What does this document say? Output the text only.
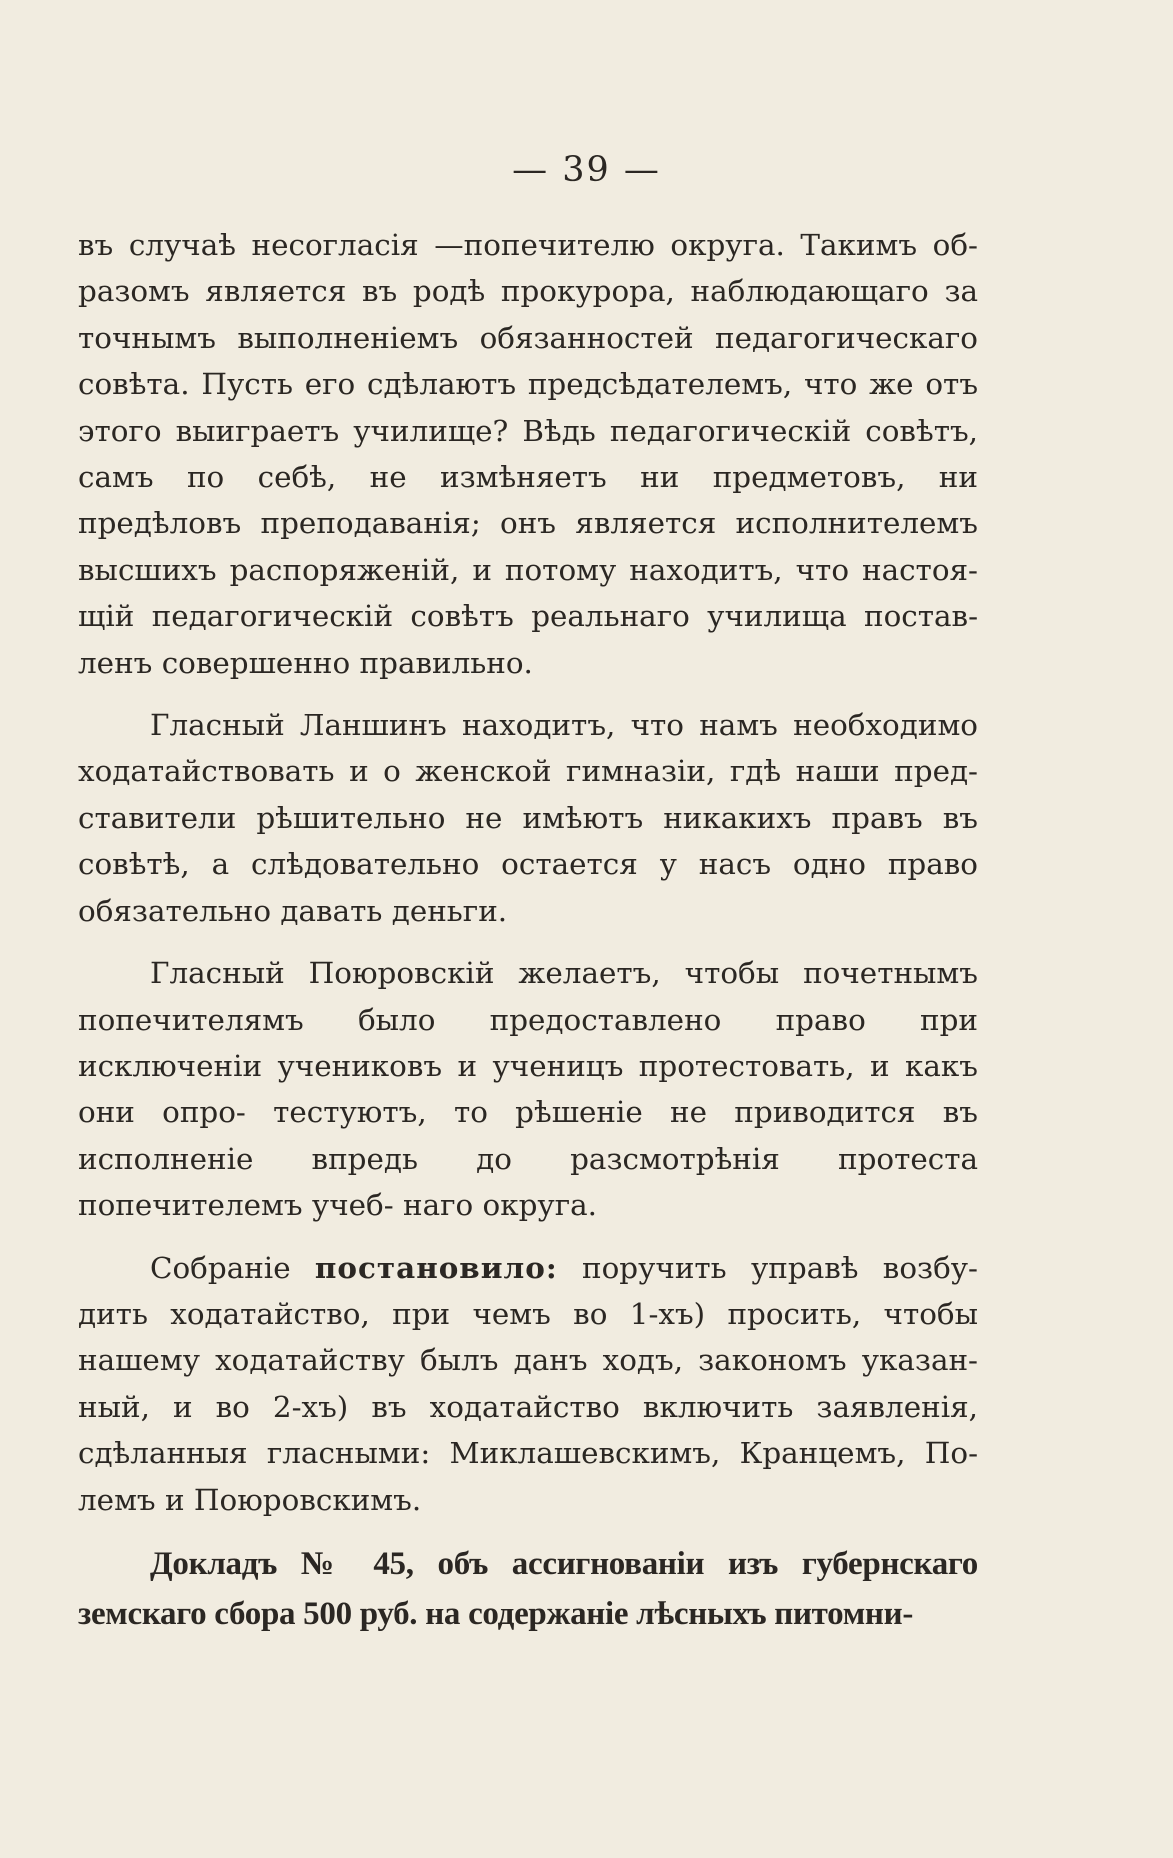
— 39 —

въ случаѣ несогласія —попечителю округа. Такимъ об- разомъ является въ родѣ прокурора, наблюдающаго за точнымъ выполненіемъ обязанностей педагогическаго совѣта. Пусть его сдѣлаютъ предсѣдателемъ, что же отъ этого выиграетъ училище? Вѣдь педагогическій совѣтъ, самъ по себѣ, не измѣняетъ ни предметовъ, ни предѣловъ преподаванія; онъ является исполнителемъ высшихъ распоряженій, и потому находитъ, что настоя- щій педагогическій совѣтъ реальнаго училища постав- ленъ совершенно правильно.

Гласный Ланшинъ находитъ, что намъ необходимо ходатайствовать и о женской гимназіи, гдѣ наши пред- ставители рѣшительно не имѣютъ никакихъ правъ въ совѣтѣ, а слѣдовательно остается у насъ одно право обязательно давать деньги.

Гласный Поюровскій желаетъ, чтобы почетнымъ попечителямъ было предоставлено право при исключеніи учениковъ и ученицъ протестовать, и какъ они опро- тестуютъ, то рѣшеніе не приводится въ исполненіе впредь до разсмотрѣнія протеста попечителемъ учеб- наго округа.

Собраніе постановило: поручить управѣ возбу- дить ходатайство, при чемъ во 1-хъ) просить, чтобы нашему ходатайству былъ данъ ходъ, закономъ указан- ный, и во 2-хъ) въ ходатайство включить заявленія, сдѣланныя гласными: Миклашевскимъ, Кранцемъ, По- лемъ и Поюровскимъ.

Докладъ № 45, объ ассигнованіи изъ губернскаго земскаго сбора 500 руб. на содержаніе лѣсныхъ питомни-
